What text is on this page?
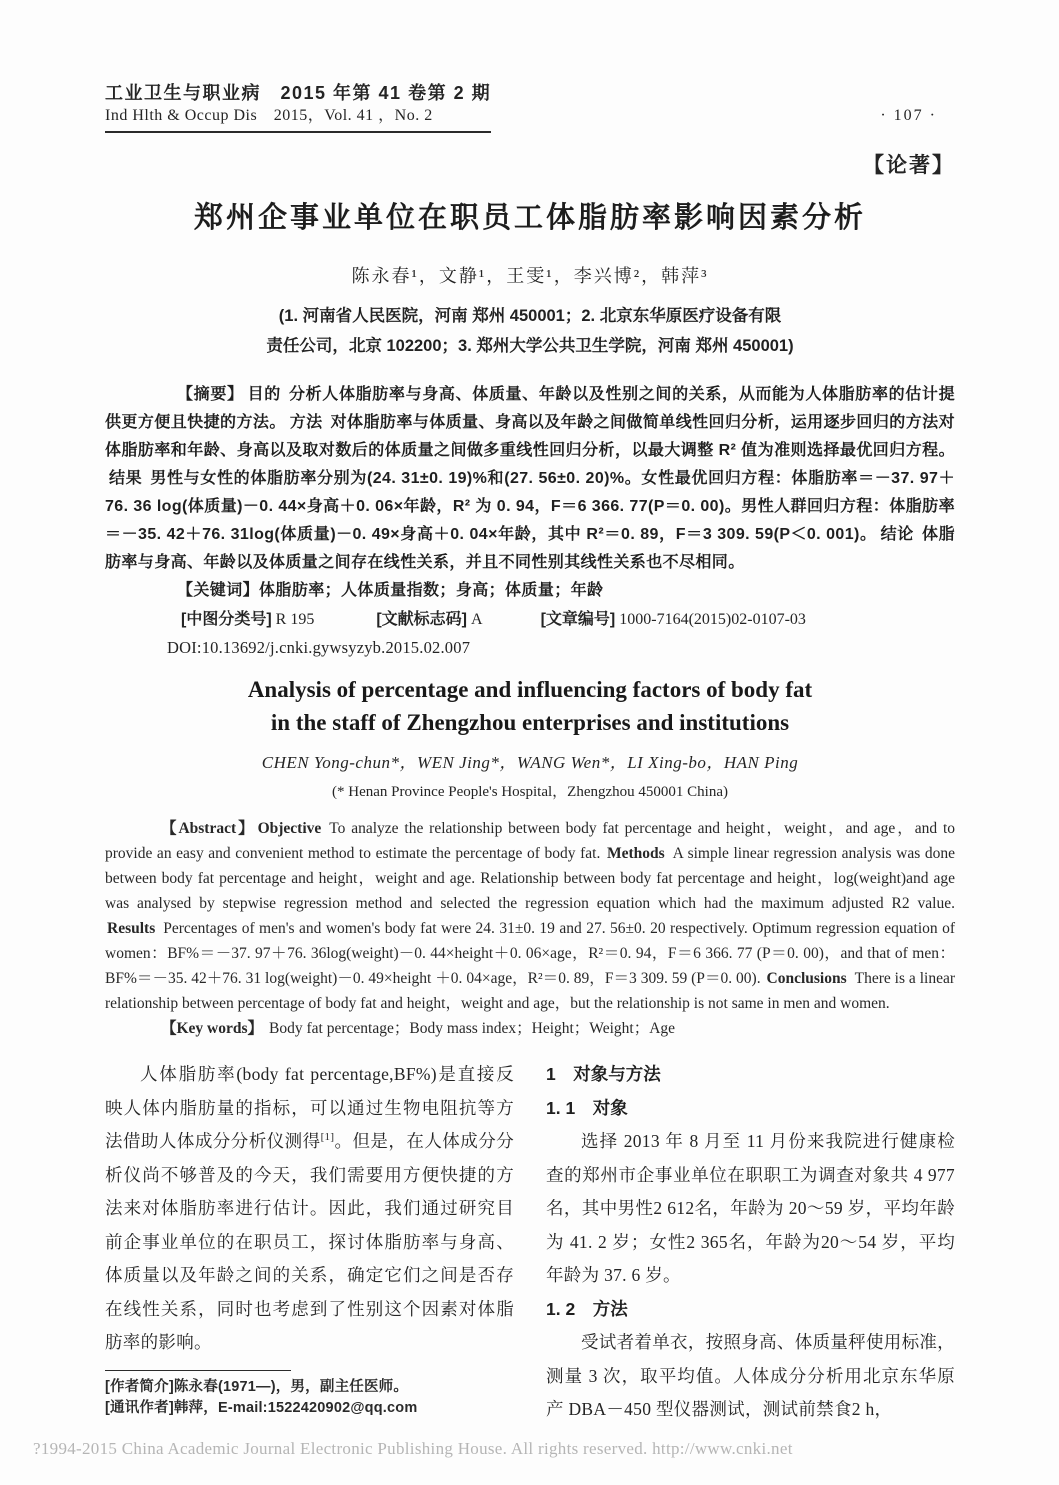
工业卫生与职业病　2015 年第 41 卷第 2 期
Ind Hlth & Occup Dis　2015，Vol. 41 ，No. 2	· 107 ·
【论著】
郑州企事业单位在职员工体脂肪率影响因素分析
陈永春¹，文静¹，王雯¹，李兴博²，韩萍³
(1. 河南省人民医院，河南 郑州 450001；2. 北京东华原医疗设备有限
责任公司，北京 102200；3. 郑州大学公共卫生学院，河南 郑州 450001)

【摘要】 目的 分析人体脂肪率与身高、体质量、年龄以及性别之间的关系，从而能为人体脂肪率的估计提供更方便且快捷的方法。 方法 对体脂肪率与体质量、身高以及年龄之间做简单线性回归分析，运用逐步回归的方法对体脂肪率和年龄、身高以及取对数后的体质量之间做多重线性回归分析，以最大调整 R² 值为准则选择最优回归方程。结果 男性与女性的体脂肪率分别为(24. 31±0. 19)%和(27. 56±0. 20)%。女性最优回归方程：体脂肪率＝－37. 97＋76. 36 log(体质量)－0. 44×身高＋0. 06×年龄，R² 为 0. 94，F＝6 366. 77(P＝0. 00)。男性人群回归方程：体脂肪率＝－35. 42＋76. 31log(体质量)－0. 49×身高＋0. 04×年龄，其中 R²＝0. 89，F＝3 309. 59(P＜0. 001)。 结论 体脂肪率与身高、年龄以及体质量之间存在线性关系，并且不同性别其线性关系也不尽相同。

【关键词】体脂肪率；人体质量指数；身高；体质量；年龄

[中图分类号] R 195	[文献标志码] A	[文章编号] 1000-7164(2015)02-0107-03
DOI:10.13692/j.cnki.gywsyzyb.2015.02.007
Analysis of percentage and influencing factors of body fat
in the staff of Zhengzhou enterprises and institutions
CHEN Yong-chun*，WEN Jing*，WANG Wen*，LI Xing-bo，HAN Ping
(* Henan Province People's Hospital，Zhengzhou 450001 China)

【Abstract】 Objective To analyze the relationship between body fat percentage and height，weight，and age，and to provide an easy and convenient method to estimate the percentage of body fat. Methods A simple linear regression analysis was done between body fat percentage and height，weight and age. Relationship between body fat percentage and height，log(weight)and age was analysed by stepwise regression method and selected the regression equation which had the maximum adjusted R2 value. Results Percentages of men's and women's body fat were 24. 31±0. 19 and 27. 56±0. 20 respectively. Optimum regression equation of women：BF%＝－37. 97＋76. 36log(weight)－0. 44×height＋0. 06×age，R²＝0. 94，F＝6 366. 77 (P＝0. 00)，and that of men：BF%＝－35. 42＋76. 31 log(weight)－0. 49×height ＋0. 04×age，R²＝0. 89，F＝3 309. 59 (P＝0. 00). Conclusions There is a linear relationship between percentage of body fat and height，weight and age，but the relationship is not same in men and women.

【Key words】 Body fat percentage；Body mass index；Height；Weight；Age

人体脂肪率(body fat percentage,BF%)是直接反映人体内脂肪量的指标，可以通过生物电阻抗等方法借助人体成分分析仪测得[1]。但是，在人体成分分析仪尚不够普及的今天，我们需要用方便快捷的方法来对体脂肪率进行估计。因此，我们通过研究目前企事业单位的在职员工，探讨体脂肪率与身高、体质量以及年龄之间的关系，确定它们之间是否存在线性关系，同时也考虑到了性别这个因素对体脂肪率的影响。

[作者简介]陈永春(1971—)，男，副主任医师。
[通讯作者]韩萍，E-mail:1522420902@qq.com
1　对象与方法
1. 1　对象

选择 2013 年 8 月至 11 月份来我院进行健康检查的郑州市企事业单位在职职工为调查对象共 4 977 名，其中男性2 612名，年龄为 20～59 岁，平均年龄为 41. 2 岁；女性2 365名，年龄为20～54 岁，平均年龄为 37. 6 岁。

1. 2　方法

受试者着单衣，按照身高、体质量秤使用标准，测量 3 次，取平均值。人体成分分析用北京东华原产 DBA－450 型仪器测试，测试前禁食2 h，

?1994-2015 China Academic Journal Electronic Publishing House. All rights reserved. http://www.cnki.net
